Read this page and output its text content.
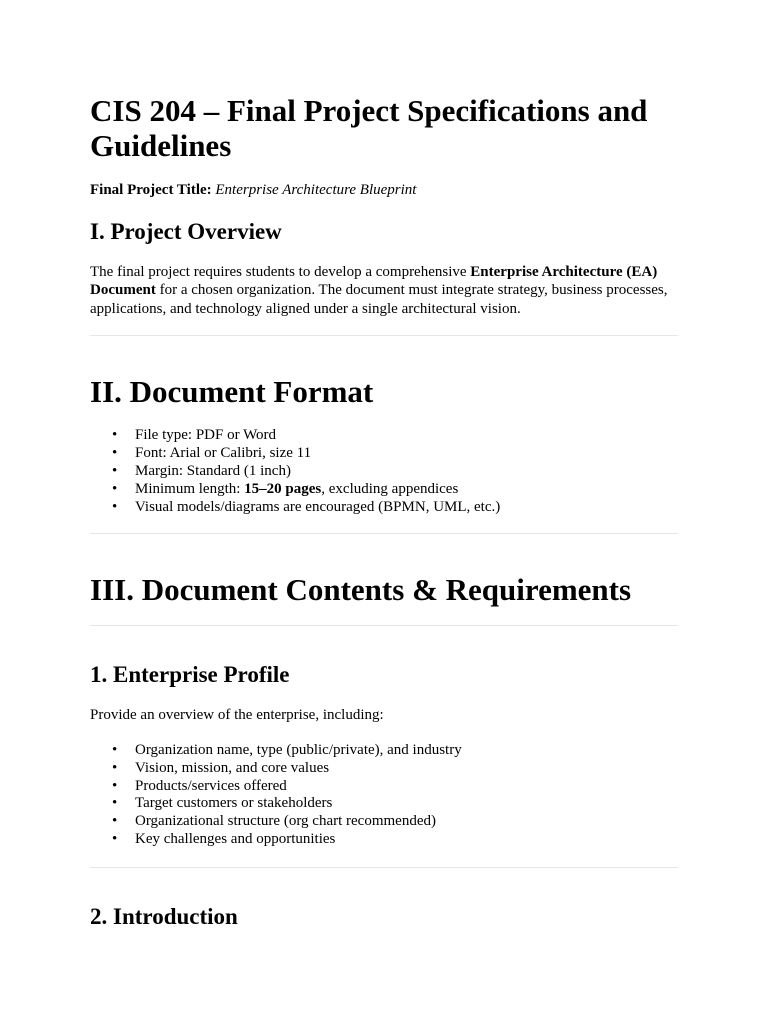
CIS 204 – Final Project Specifications and Guidelines

Final Project Title: Enterprise Architecture Blueprint

I. Project Overview

The final project requires students to develop a comprehensive Enterprise Architecture (EA) Document for a chosen organization. The document must integrate strategy, business processes, applications, and technology aligned under a single architectural vision.

II. Document Format
• File type: PDF or Word
• Font: Arial or Calibri, size 11
• Margin: Standard (1 inch)
• Minimum length: 15–20 pages, excluding appendices
• Visual models/diagrams are encouraged (BPMN, UML, etc.)
III. Document Contents & Requirements
1. Enterprise Profile

Provide an overview of the enterprise, including:

• Organization name, type (public/private), and industry
• Vision, mission, and core values
• Products/services offered
• Target customers or stakeholders
• Organizational structure (org chart recommended)
• Key challenges and opportunities
2. Introduction
